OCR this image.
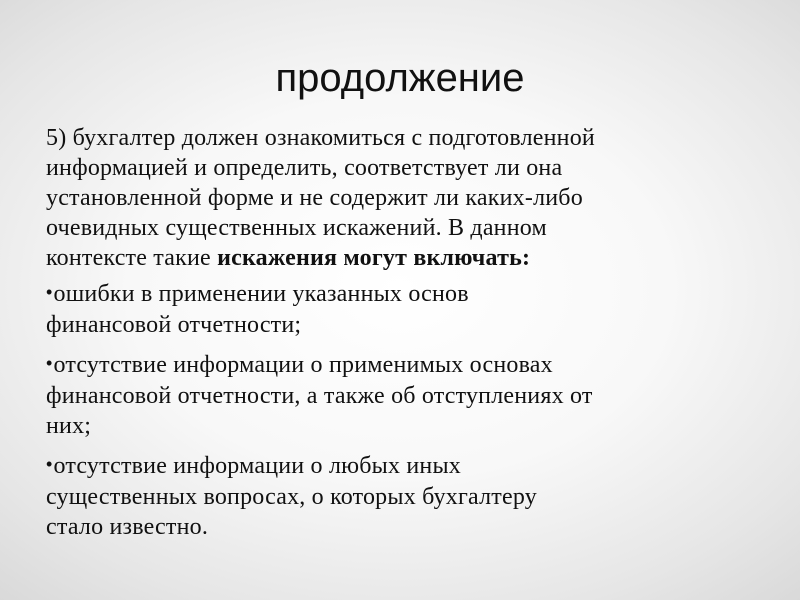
продолжение

5) бухгалтер должен ознакомиться с подготовленной
информацией и определить, соответствует ли она
установленной форме и не содержит ли каких-либо
очевидных существенных искажений. В данном
контексте такие искажения могут включать:

•ошибки в применении указанных основ
финансовой отчетности;

•отсутствие информации о применимых основах
финансовой отчетности, а также об отступлениях от
них;

•отсутствие информации о любых иных
существенных вопросах, о которых бухгалтеру
стало известно.
